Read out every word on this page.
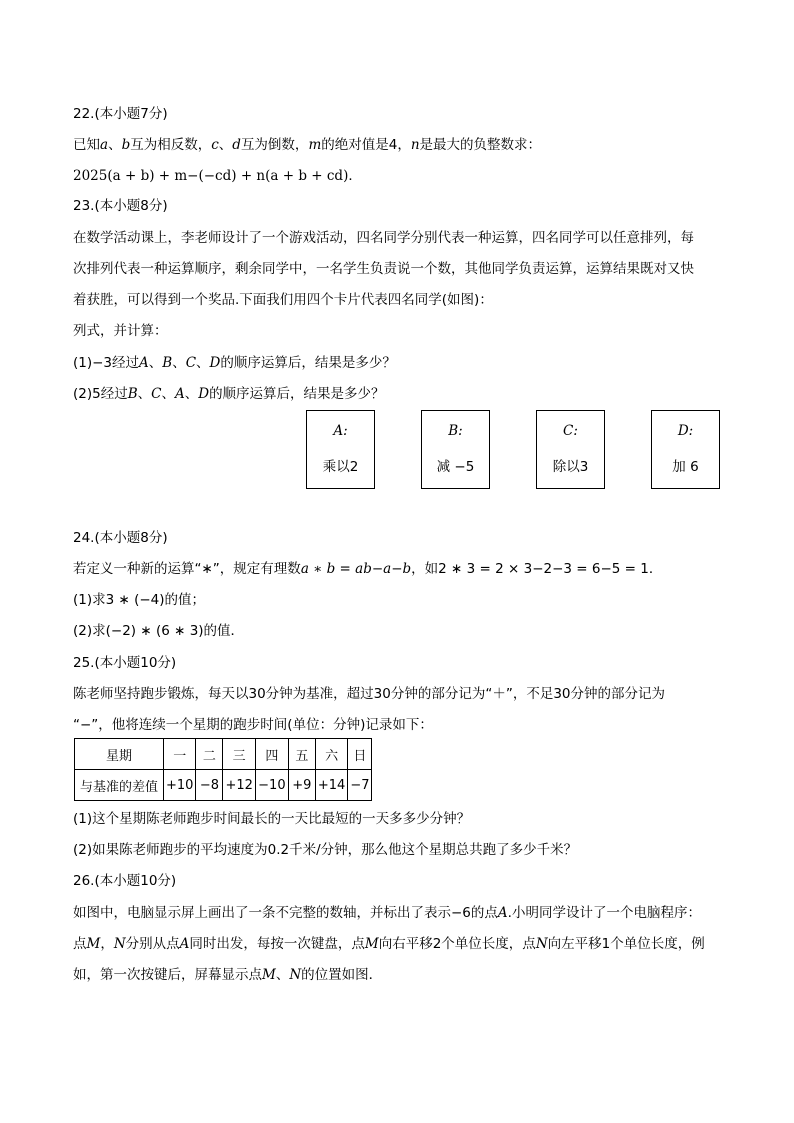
22.(本小题7分)
已知a、b互为相反数，c、d互为倒数，m的绝对值是4，n是最大的负整数求：
2025(a + b) + m−(−cd) + n(a + b + cd)．
23.(本小题8分)
在数学活动课上，李老师设计了一个游戏活动，四名同学分别代表一种运算，四名同学可以任意排列，每
次排列代表一种运算顺序，剩余同学中，一名学生负责说一个数，其他同学负责运算，运算结果既对又快
着获胜，可以得到一个奖品.下面我们用四个卡片代表四名同学(如图)：
列式，并计算：
(1)−3经过A、B、C、D的顺序运算后，结果是多少？
(2)5经过B、C、A、D的顺序运算后，结果是多少？
A:
乘以2
B:
减 −5
C:
除以3
D:
加 6
24.(本小题8分)
若定义一种新的运算“∗”，规定有理数a ∗ b = ab−a−b，如2 ∗ 3 = 2 × 3−2−3 = 6−5 = 1．
(1)求3 ∗ (−4)的值；
(2)求(−2) ∗ (6 ∗ 3)的值．
25.(本小题10分)
陈老师坚持跑步锻炼，每天以30分钟为基准，超过30分钟的部分记为“＋”，不足30分钟的部分记为
“−”，他将连续一个星期的跑步时间(单位：分钟)记录如下：
星期	一	二	三	四	五	六	日
与基准的差值	+10	−8	+12	−10	+9	+14	−7
(1)这个星期陈老师跑步时间最长的一天比最短的一天多多少分钟？
(2)如果陈老师跑步的平均速度为0.2千米/分钟，那么他这个星期总共跑了多少千米？
26.(本小题10分)
如图中，电脑显示屏上画出了一条不完整的数轴，并标出了表示−6的点A.小明同学设计了一个电脑程序：
点M，N分别从点A同时出发，每按一次键盘，点M向右平移2个单位长度，点N向左平移1个单位长度，例
如，第一次按键后，屏幕显示点M、N的位置如图．
